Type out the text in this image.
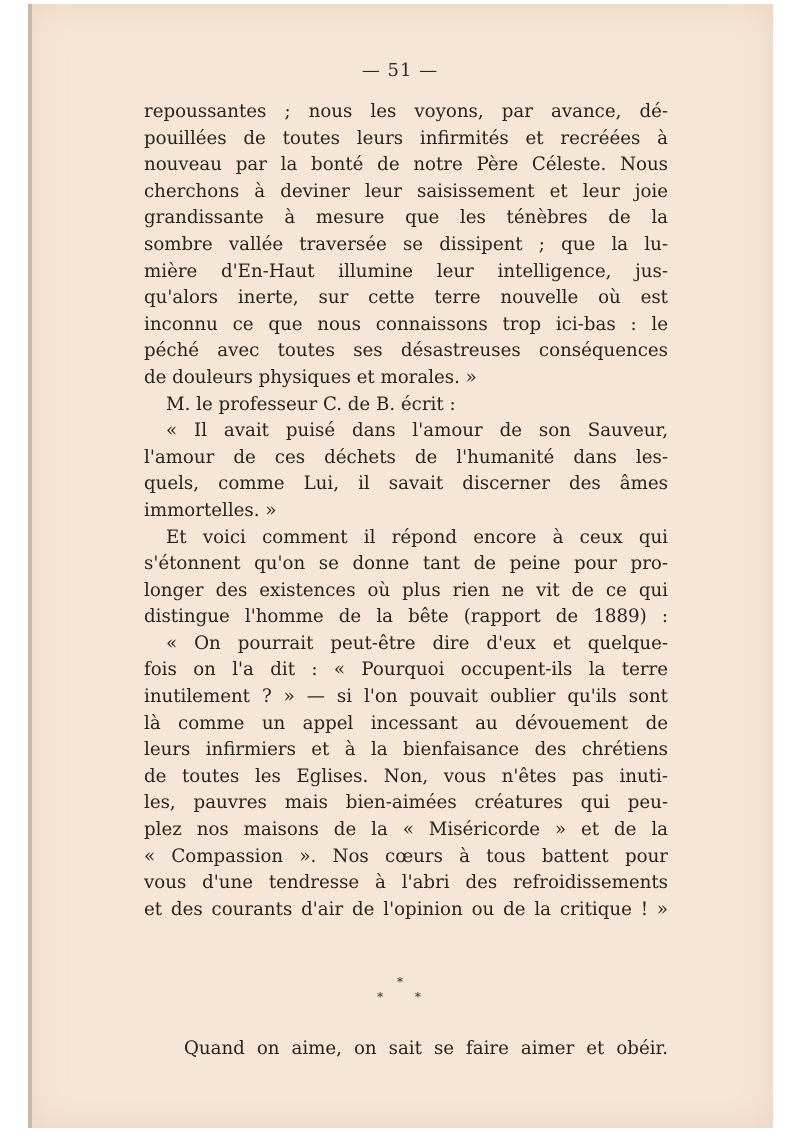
— 51 —
repoussantes ; nous les voyons, par avance, dé-
pouillées de toutes leurs infirmités et recréées à
nouveau par la bonté de notre Père Céleste. Nous
cherchons à deviner leur saisissement et leur joie
grandissante à mesure que les ténèbres de la
sombre vallée traversée se dissipent ; que la lu-
mière d'En-Haut illumine leur intelligence, jus-
qu'alors inerte, sur cette terre nouvelle où est
inconnu ce que nous connaissons trop ici-bas : le
péché avec toutes ses désastreuses conséquences
de douleurs physiques et morales. »
M. le professeur C. de B. écrit :
« Il avait puisé dans l'amour de son Sauveur,
l'amour de ces déchets de l'humanité dans les-
quels, comme Lui, il savait discerner des âmes
immortelles. »
Et voici comment il répond encore à ceux qui
s'étonnent qu'on se donne tant de peine pour pro-
longer des existences où plus rien ne vit de ce qui
distingue l'homme de la bête (rapport de 1889) :
« On pourrait peut-être dire d'eux et quelque-
fois on l'a dit : « Pourquoi occupent-ils la terre
inutilement ? » — si l'on pouvait oublier qu'ils sont
là comme un appel incessant au dévouement de
leurs infirmiers et à la bienfaisance des chrétiens
de toutes les Eglises. Non, vous n'êtes pas inuti-
les, pauvres mais bien-aimées créatures qui peu-
plez nos maisons de la « Miséricorde » et de la
« Compassion ». Nos cœurs à tous battent pour
vous d'une tendresse à l'abri des refroidissements
et des courants d'air de l'opinion ou de la critique ! »
*
* *
Quand on aime, on sait se faire aimer et obéir.
